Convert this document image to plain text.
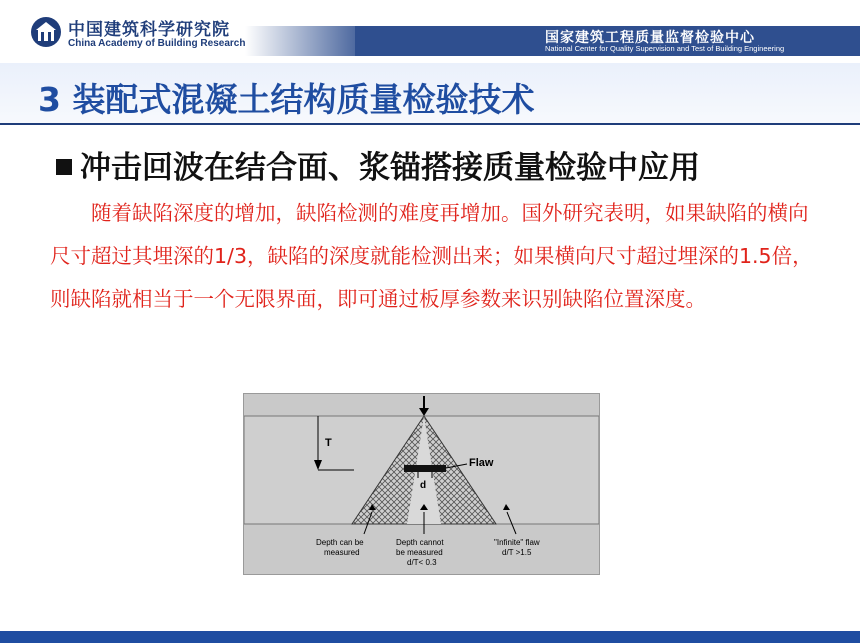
中国建筑科学研究院
China Academy of Building Research	国家建筑工程质量监督检验中心
National Center for Quality Supervision and Test of Building Engineering
3 装配式混凝土结构质量检验技术
冲击回波在结合面、浆锚搭接质量检验中应用
随着缺陷深度的增加，缺陷检测的难度再增加。国外研究表明，如果缺陷的横向尺寸超过其埋深的1/3，缺陷的深度就能检测出来；如果横向尺寸超过埋深的1.5倍，则缺陷就相当于一个无限界面，即可通过板厚参数来识别缺陷位置深度。
T
Flaw
d
Depth can be
measured
Depth cannot
be measured
d/T< 0.3
"Infinite" flaw
d/T >1.5
